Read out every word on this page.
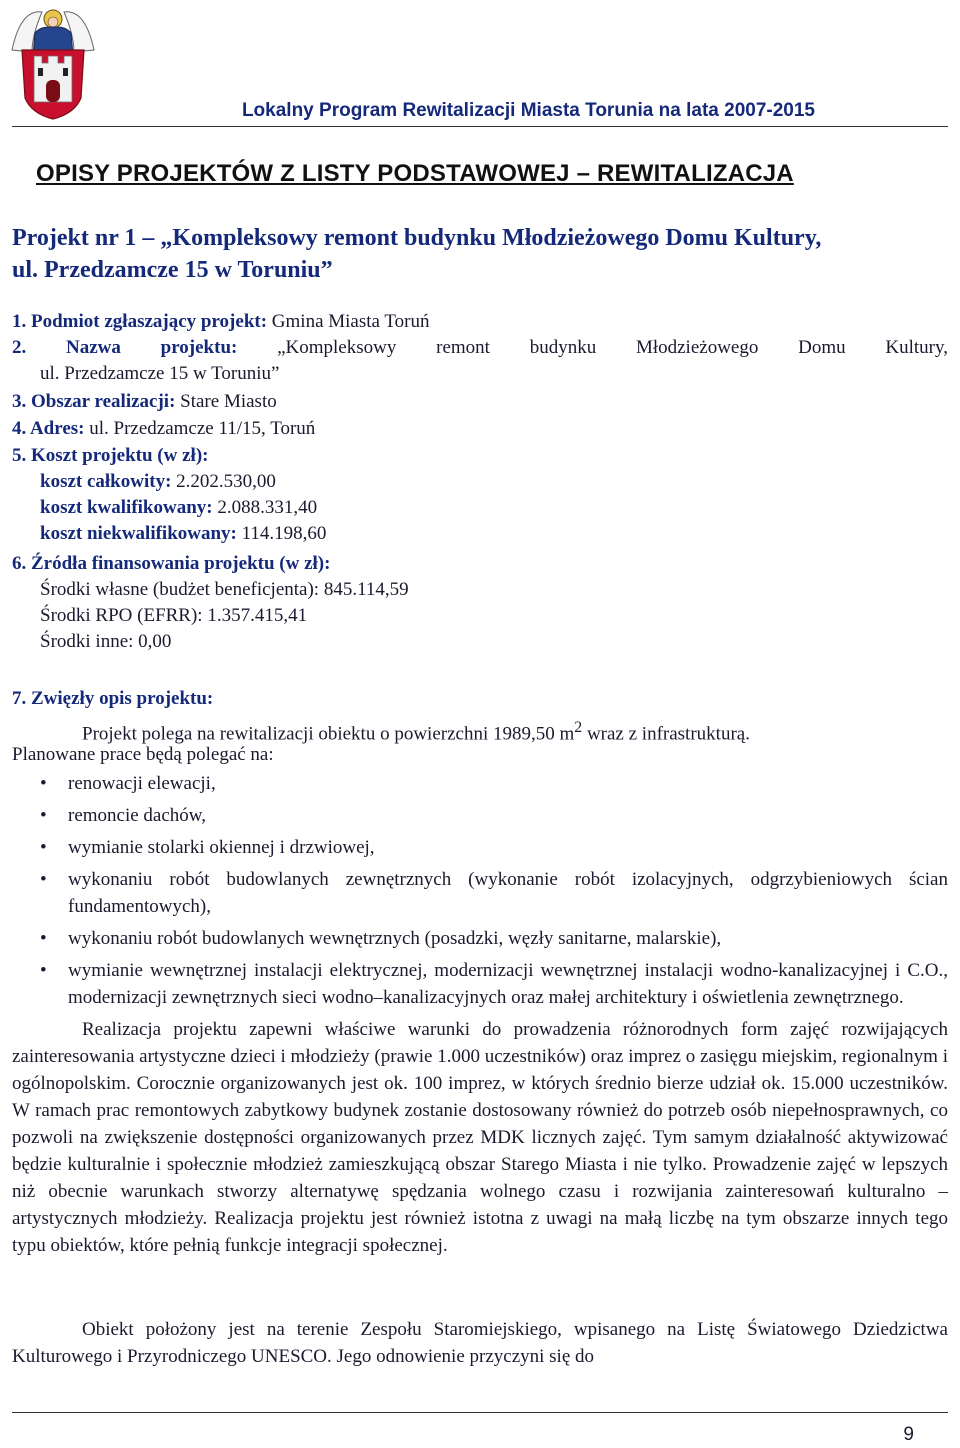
Lokalny Program Rewitalizacji Miasta Torunia na lata 2007-2015
OPISY PROJEKTÓW Z LISTY PODSTAWOWEJ – REWITALIZACJA
Projekt nr 1 – „Kompleksowy remont budynku Młodzieżowego Domu Kultury,
ul. Przedzamcze 15 w Toruniu”
1. Podmiot zgłaszający projekt: Gmina Miasta Toruń
2. Nazwa projektu: „Kompleksowy remont budynku Młodzieżowego Domu Kultury,
ul. Przedzamcze 15 w Toruniu”
3. Obszar realizacji: Stare Miasto
4. Adres: ul. Przedzamcze 11/15, Toruń
5. Koszt projektu (w zł):
koszt całkowity: 2.202.530,00
koszt kwalifikowany: 2.088.331,40
koszt niekwalifikowany: 114.198,60
6. Źródła finansowania projektu (w zł):
Środki własne (budżet beneficjenta): 845.114,59
Środki RPO (EFRR): 1.357.415,41
Środki inne: 0,00
7. Zwięzły opis projektu:
Projekt polega na rewitalizacji obiektu o powierzchni 1989,50 $m^2$ wraz z infrastrukturą.
Planowane prace będą polegać na:
• renowacji elewacji,
• remoncie dachów,
• wymianie stolarki okiennej i drzwiowej,
• wykonaniu robót budowlanych zewnętrznych (wykonanie robót izolacyjnych, odgrzybieniowych ścian fundamentowych),
• wykonaniu robót budowlanych wewnętrznych (posadzki, węzły sanitarne, malarskie),
• wymianie wewnętrznej instalacji elektrycznej, modernizacji wewnętrznej instalacji wodno-kanalizacyjnej i C.O., modernizacji zewnętrznych sieci wodno–kanalizacyjnych oraz małej architektury i oświetlenia zewnętrznego.
Realizacja projektu zapewni właściwe warunki do prowadzenia różnorodnych form zajęć rozwijających zainteresowania artystyczne dzieci i młodzieży (prawie 1.000 uczestników) oraz imprez o zasięgu miejskim, regionalnym i ogólnopolskim. Corocznie organizowanych jest ok. 100 imprez, w których średnio bierze udział ok. 15.000 uczestników. W ramach prac remontowych zabytkowy budynek zostanie dostosowany również do potrzeb osób niepełnosprawnych, co pozwoli na zwiększenie dostępności organizowanych przez MDK licznych zajęć. Tym samym działalność aktywizować będzie kulturalnie i społecznie młodzież zamieszkującą obszar Starego Miasta i nie tylko. Prowadzenie zajęć w lepszych niż obecnie warunkach stworzy alternatywę spędzania wolnego czasu i rozwijania zainteresowań kulturalno – artystycznych młodzieży. Realizacja projektu jest również istotna z uwagi na małą liczbę na tym obszarze innych tego typu obiektów, które pełnią funkcje integracji społecznej.
Obiekt położony jest na terenie Zespołu Staromiejskiego, wpisanego na Listę Światowego Dziedzictwa Kulturowego i Przyrodniczego UNESCO. Jego odnowienie przyczyni się do
9
